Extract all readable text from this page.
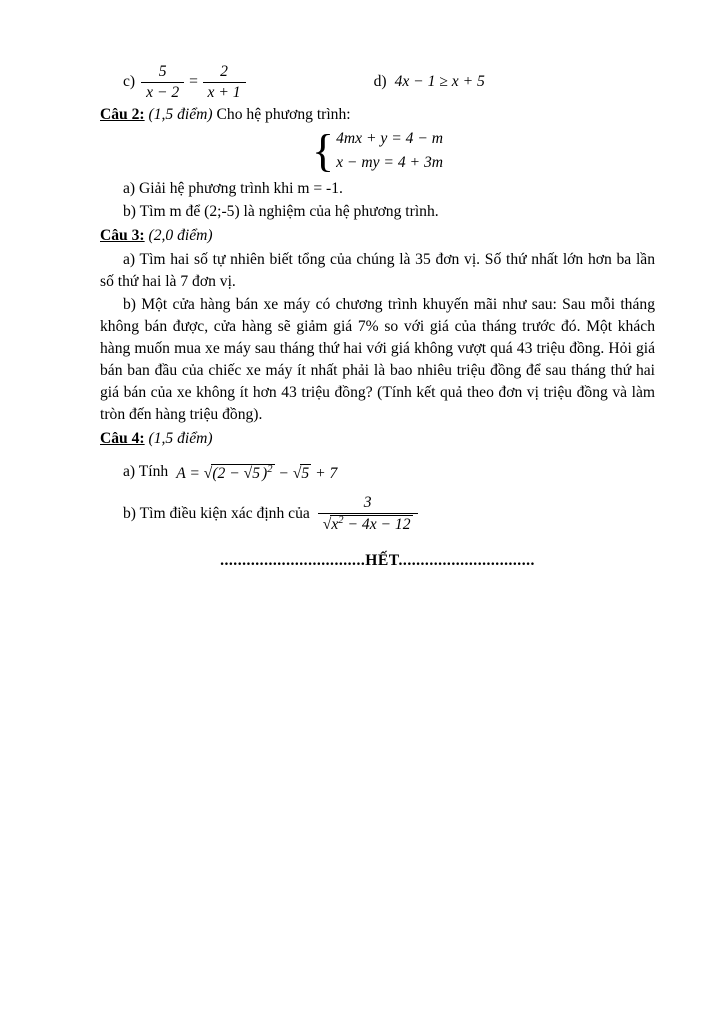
$c) \frac{5}{x - 2} = \frac{2}{x + 1}$	d) 4x − 1 ≥ x + 5
Câu 2: (1,5 điểm) Cho hệ phương trình:
{ 4mx + y = 4 − m
x − my = 4 + 3m
a) Giải hệ phương trình khi m = -1.
b) Tìm m để (2;-5) là nghiệm của hệ phương trình.
Câu 3: (2,0 điểm)
a) Tìm hai số tự nhiên biết tổng của chúng là 35 đơn vị. Số thứ nhất lớn hơn ba lần số thứ hai là 7 đơn vị.
b) Một cửa hàng bán xe máy có chương trình khuyến mãi như sau: Sau mỗi tháng không bán được, cửa hàng sẽ giảm giá 7% so với giá của tháng trước đó. Một khách hàng muốn mua xe máy sau tháng thứ hai với giá không vượt quá 43 triệu đồng. Hỏi giá bán ban đầu của chiếc xe máy ít nhất phải là bao nhiêu triệu đồng để sau tháng thứ hai giá bán của xe không ít hơn 43 triệu đồng? (Tính kết quả theo đơn vị triệu đồng và làm tròn đến hàng triệu đồng).
Câu 4: (1,5 điểm)
a) Tính A = √(2 − √5 )$^2$ − √5 + 7
b) Tìm điều kiện xác định của $\frac{3}{√x^2 - 4x - 12}$
.................................HẾT...............................
